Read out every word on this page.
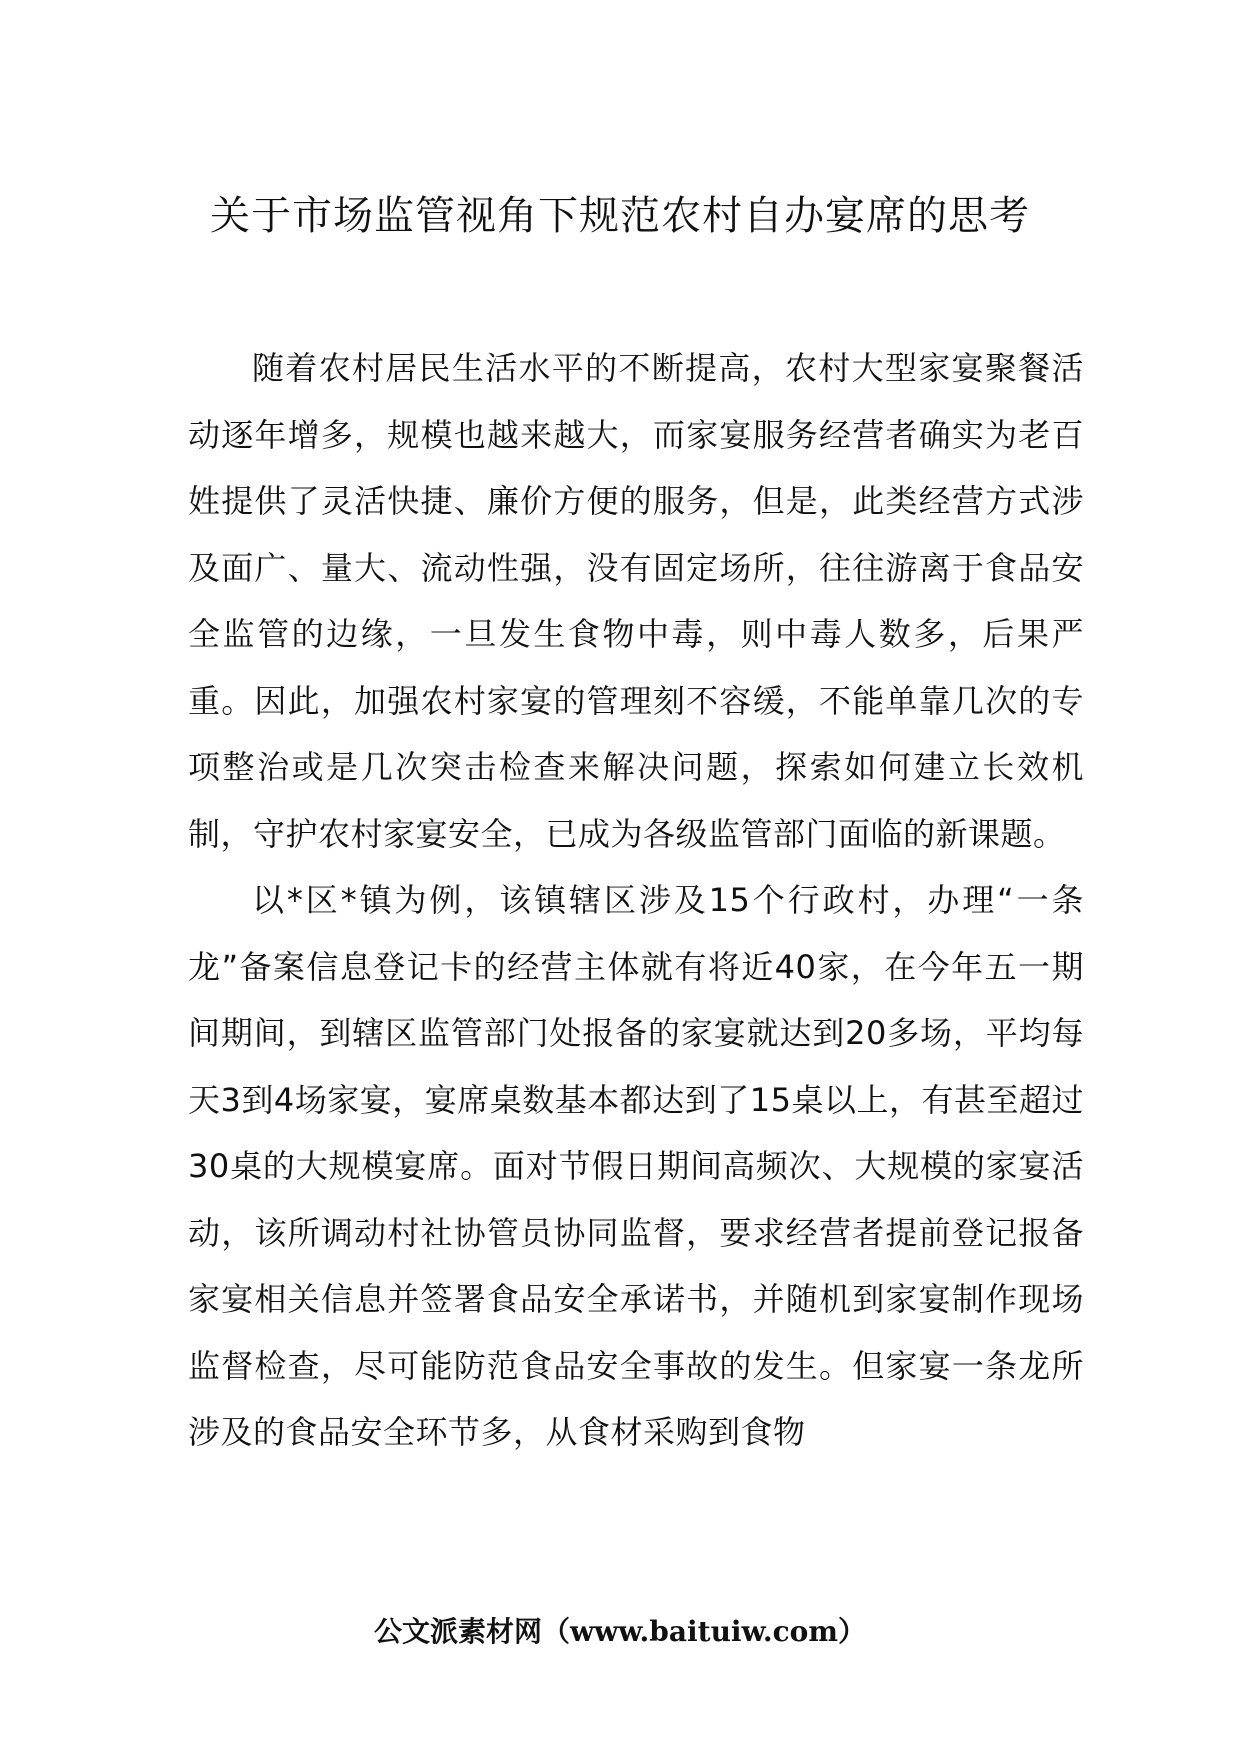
关于市场监管视角下规范农村自办宴席的思考

随着农村居民生活水平的不断提高，农村大型家宴聚餐活动逐年增多，规模也越来越大，而家宴服务经营者确实为老百姓提供了灵活快捷、廉价方便的服务，但是，此类经营方式涉及面广、量大、流动性强，没有固定场所，往往游离于食品安全监管的边缘，一旦发生食物中毒，则中毒人数多，后果严重。因此，加强农村家宴的管理刻不容缓，不能单靠几次的专项整治或是几次突击检查来解决问题，探索如何建立长效机制，守护农村家宴安全，已成为各级监管部门面临的新课题。

以*区*镇为例，该镇辖区涉及15个行政村，办理“一条龙”备案信息登记卡的经营主体就有将近40家，在今年五一期间期间，到辖区监管部门处报备的家宴就达到20多场，平均每天3到4场家宴，宴席桌数基本都达到了15桌以上，有甚至超过30桌的大规模宴席。面对节假日期间高频次、大规模的家宴活动，该所调动村社协管员协同监督，要求经营者提前登记报备家宴相关信息并签署食品安全承诺书，并随机到家宴制作现场监督检查，尽可能防范食品安全事故的发生。但家宴一条龙所涉及的食品安全环节多，从食材采购到食物

公文派素材网（www.baituiw.com）
